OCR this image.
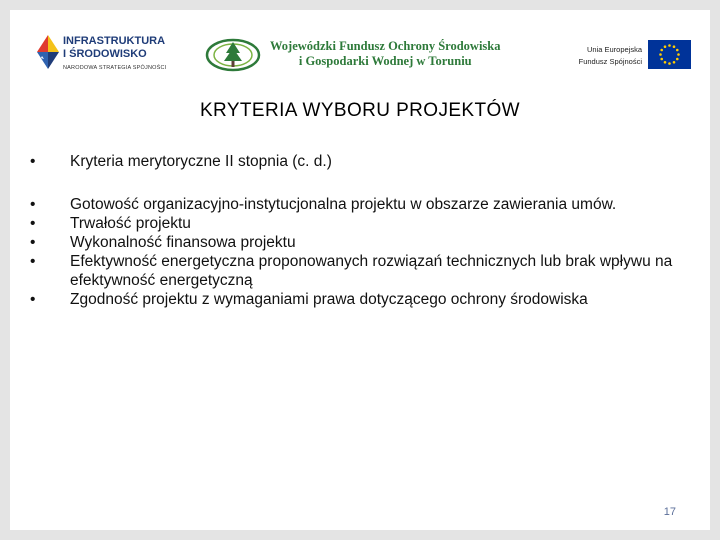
INFRASTRUKTURA
I ŚRODOWISKO
NARODOWA STRATEGIA SPÓJNOŚCI
Wojewódzki Fundusz Ochrony Środowiska
i Gospodarki Wodnej w Toruniu
Unia Europejska
Fundusz Spójności
KRYTERIA WYBORU PROJEKTÓW
•	Kryteria merytoryczne II stopnia (c. d.)
•	Gotowość organizacyjno-instytucjonalna projektu w obszarze zawierania umów.
•	Trwałość projektu
•	Wykonalność finansowa projektu
•	Efektywność energetyczna proponowanych rozwiązań technicznych lub brak wpływu na efektywność energetyczną
•	Zgodność projektu z wymaganiami prawa dotyczącego ochrony środowiska
17
